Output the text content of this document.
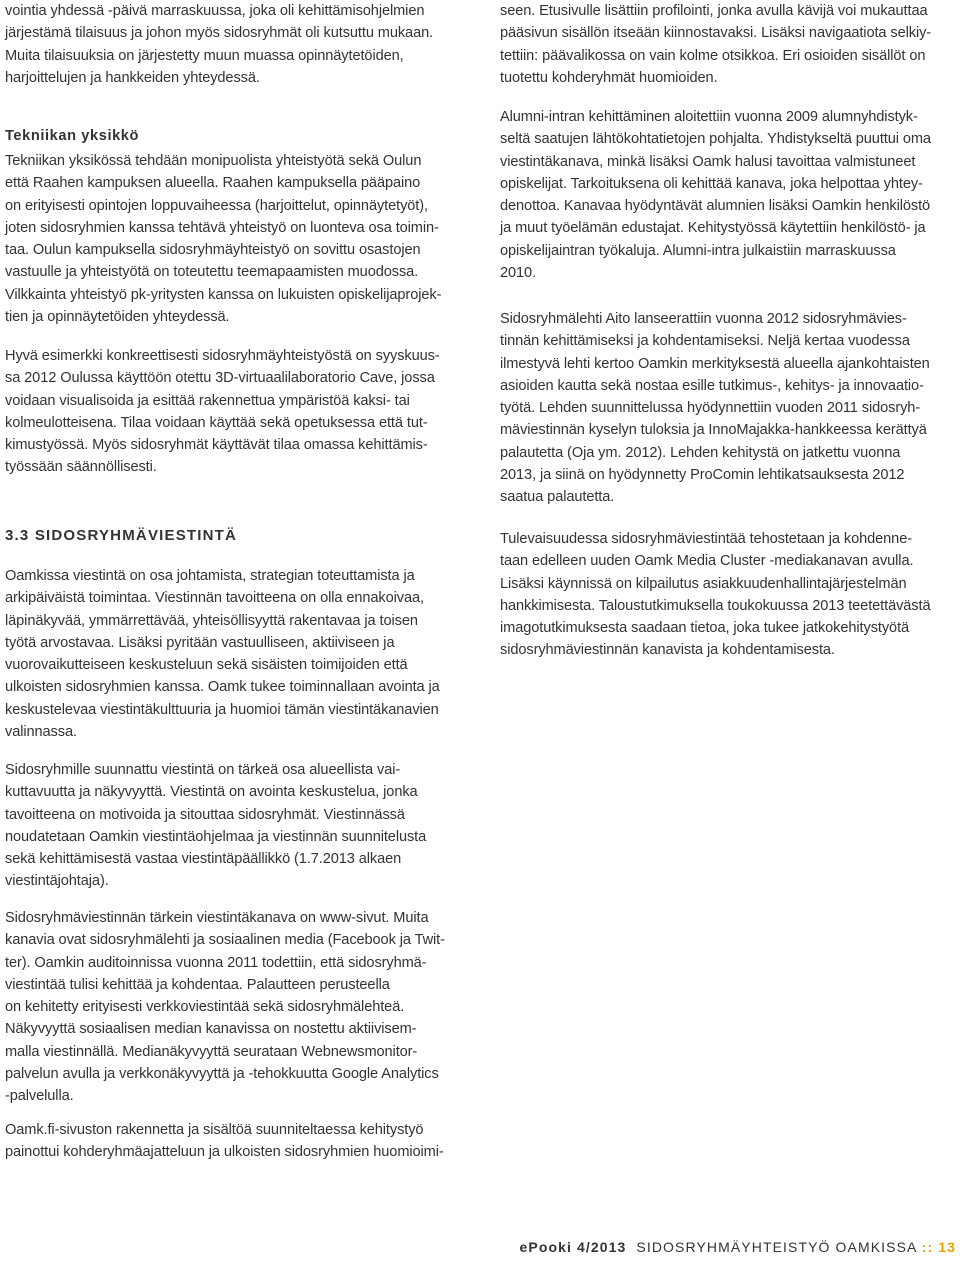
vointia yhdessä -päivä marraskuussa, joka oli kehittämisohjelmien
järjestämä tilaisuus ja johon myös sidosryhmät oli kutsuttu mukaan.
Muita tilaisuuksia on järjestetty muun muassa opinnäytetöiden,
harjoittelujen ja hankkeiden yhteydessä.

Tekniikan yksikkö

Tekniikan yksikössä tehdään monipuolista yhteistyötä sekä Oulun
että Raahen kampuksen alueella. Raahen kampuksella pääpaino
on erityisesti opintojen loppuvaiheessa (harjoittelut, opinnäytetyöt),
joten sidosryhmien kanssa tehtävä yhteistyö on luonteva osa toimin-
taa. Oulun kampuksella sidosryhmäyhteistyö on sovittu osastojen
vastuulle ja yhteistyötä on toteutettu teemapaamisten muodossa.
Vilkkainta yhteistyö pk-yritysten kanssa on lukuisten opiskelijaprojek-
tien ja opinnäytetöiden yhteydessä.

Hyvä esimerkki konkreettisesti sidosryhmäyhteistyöstä on syyskuus-
sa 2012 Oulussa käyttöön otettu 3D-virtuaalilaboratorio Cave, jossa
voidaan visualisoida ja esittää rakennettua ympäristöä kaksi- tai
kolmeulotteisena. Tilaa voidaan käyttää sekä opetuksessa että tut-
kimustyössä. Myös sidosryhmät käyttävät tilaa omassa kehittämis-
työssään säännöllisesti.

3.3 SIDOSRYHMÄVIESTINTÄ

Oamkissa viestintä on osa johtamista, strategian toteuttamista ja
arkipäiväistä toimintaa. Viestinnän tavoitteena on olla ennakoivaa,
läpinäkyvää, ymmärrettävää, yhteisöllisyyttä rakentavaa ja toisen
työtä arvostavaa. Lisäksi pyritään vastuulliseen, aktiiviseen ja
vuorovaikutteiseen keskusteluun sekä sisäisten toimijoiden että
ulkoisten sidosryhmien kanssa. Oamk tukee toiminnallaan avointa ja
keskustelevaa viestintäkulttuuria ja huomioi tämän viestintäkanavien
valinnassa.

Sidosryhmille suunnattu viestintä on tärkeä osa alueellista vai-
kuttavuutta ja näkyvyyttä. Viestintä on avointa keskustelua, jonka
tavoitteena on motivoida ja sitouttaa sidosryhmät. Viestinnässä
noudatetaan Oamkin viestintäohjelmaa ja viestinnän suunnitelusta
sekä kehittämisestä vastaa viestintäpäällikkö (1.7.2013 alkaen
viestintäjohtaja).

Sidosryhmäviestinnän tärkein viestintäkanava on www-sivut. Muita
kanavia ovat sidosryhmälehti ja sosiaalinen media (Facebook ja Twit-
ter). Oamkin auditoinnissa vuonna 2011 todettiin, että sidosryhmä-
viestintää tulisi kehittää ja kohdentaa. Palautteen perusteella
on kehitetty erityisesti verkkoviestintää sekä sidosryhmälehteä.
Näkyvyyttä sosiaalisen median kanavissa on nostettu aktiivisem-
malla viestinnällä. Medianäkyvyyttä seurataan Webnewsmonitor-
palvelun avulla ja verkkonäkyvyyttä ja -tehokkuutta Google Analytics
-palvelulla.

Oamk.fi-sivuston rakennetta ja sisältöä suunniteltaessa kehitystyö
painottui kohderyhmäajatteluun ja ulkoisten sidosryhmien huomioimi-

seen. Etusivulle lisättiin profilointi, jonka avulla kävijä voi mukauttaa
pääsivun sisällön itseään kiinnostavaksi. Lisäksi navigaatiota selkiy-
tettiin: päävalikossa on vain kolme otsikkoa. Eri osioiden sisällöt on
tuotettu kohderyhmät huomioiden.

Alumni-intran kehittäminen aloitettiin vuonna 2009 alumnyhdistyk-
seltä saatujen lähtökohtatietojen pohjalta. Yhdistykseltä puuttui oma
viestintäkanava, minkä lisäksi Oamk halusi tavoittaa valmistuneet
opiskelijat. Tarkoituksena oli kehittää kanava, joka helpottaa yhtey-
denottoa. Kanavaa hyödyntävät alumnien lisäksi Oamkin henkilöstö
ja muut työelämän edustajat. Kehitystyössä käytettiin henkilöstö- ja
opiskelijaintran työkaluja. Alumni-intra julkaistiin marraskuussa
2010.

Sidosryhmälehti Aito lanseerattiin vuonna 2012 sidosryhmävies-
tinnän kehittämiseksi ja kohdentamiseksi. Neljä kertaa vuodessa
ilmestyvä lehti kertoo Oamkin merkityksestä alueella ajankohtaisten
asioiden kautta sekä nostaa esille tutkimus-, kehitys- ja innovaatio-
työtä. Lehden suunnittelussa hyödynnettiin vuoden 2011 sidosryh-
mäviestinnän kyselyn tuloksia ja InnoMajakka-hankkeessa kerättyä
palautetta (Oja ym. 2012). Lehden kehitystä on jatkettu vuonna
2013, ja siinä on hyödynnetty ProComin lehtikatsauksesta 2012
saatua palautetta.

Tulevaisuudessa sidosryhmäviestintää tehostetaan ja kohdenne-
taan edelleen uuden Oamk Media Cluster -mediakanavan avulla.
Lisäksi käynnissä on kilpailutus asiakkuudenhallintajärjestelmän
hankkimisesta. Taloustutkimuksella toukokuussa 2013 teetettävästä
imagotutkimuksesta saadaan tietoa, joka tukee jatkokehitystyötä
sidosryhmäviestinnän kanavista ja kohdentamisesta.

ePooki 4/2013 SIDOSRYHMÄYHTEISTYÖ OAMKISSA :: 13
